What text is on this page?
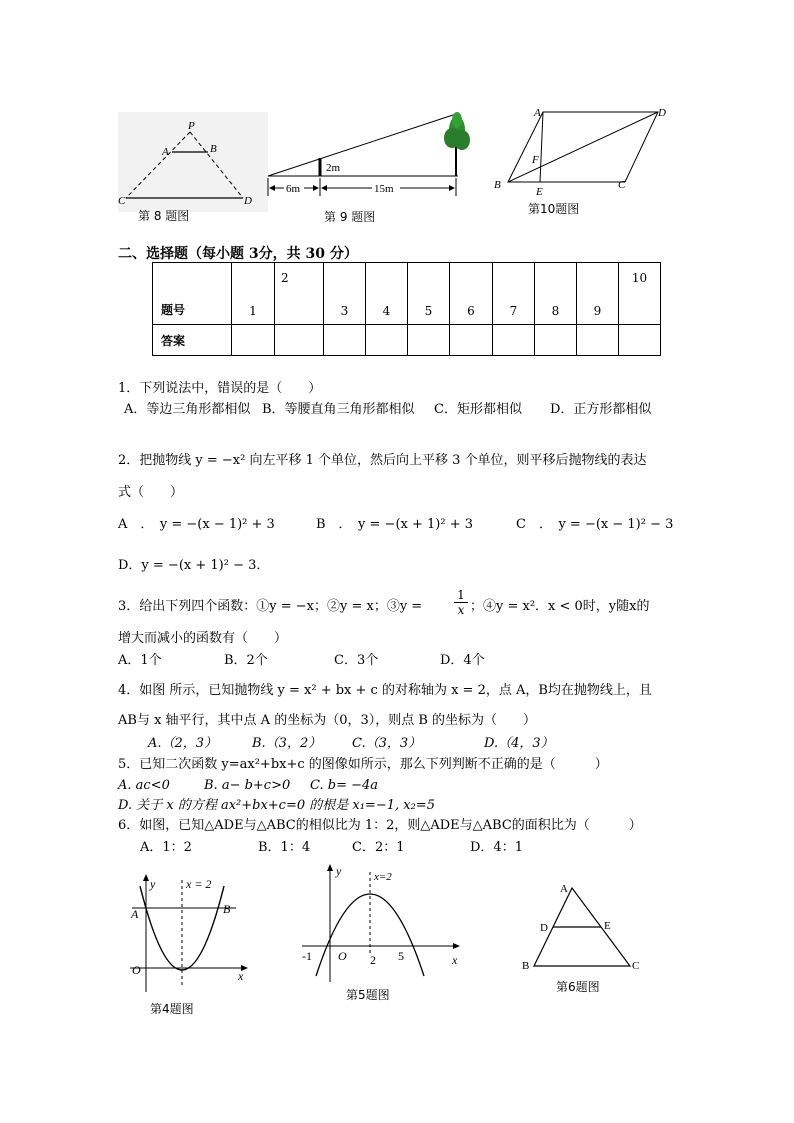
P
A	B
C	D
第 8 题图
2m
6m	15m
第 9 题图
A	D
B	C
E
F
第10题图
二、选择题（每小题 3分，共 30 分）
题号	1	2	3	4	5	6	7	8	9	10
答案										
1．下列说法中，错误的是（　　）
A．等边三角形都相似 B．等腰直角三角形都相似 C．矩形都相似 D．正方形都相似
2．把抛物线 y = −x² 向左平移 1 个单位，然后向上平移 3 个单位，则平移后抛物线的表达
式（　　）
A　．　y = −(x − 1)² + 3	B　．　y = −(x + 1)² + 3	C　．　y = −(x − 1)² − 3
D．y = −(x + 1)² − 3．
3．给出下列四个函数：①y = −x；②y = x；③y =	$\frac{1}{x}$ ；④y = x²．x < 0时，y随x的
增大而减小的函数有（　　）
A．1个	B．2个	C．3个	D．4个
4．如图 所示，已知抛物线 y = x² + bx + c 的对称轴为 x = 2，点 A，B均在抛物线上，且
AB与 x 轴平行，其中点 A 的坐标为（0，3），则点 B 的坐标为（　　）
A.（2，3）	B.（3，2） C.（3，3）	D.（4，3）
5．已知二次函数 y=ax²+bx+c 的图像如所示，那么下列判断不正确的是（　　　）
A. ac<0	B. a− b+c>0 C. b= −4a
D. 关于 x 的方程 ax²+bx+c=0 的根是 x₁=−1, x₂=5
6．如图，已知△ADE与△ABC的相似比为 1：2，则△ADE与△ABC的面积比为（　　　）
A．1：2	B．1：4	C．2：1	D．4：1
y	x = 2
A	B
O	x
第4题图
y	x=2
-1 O 2 5	x
第5题图
A
D	E
B	C
第6题图
